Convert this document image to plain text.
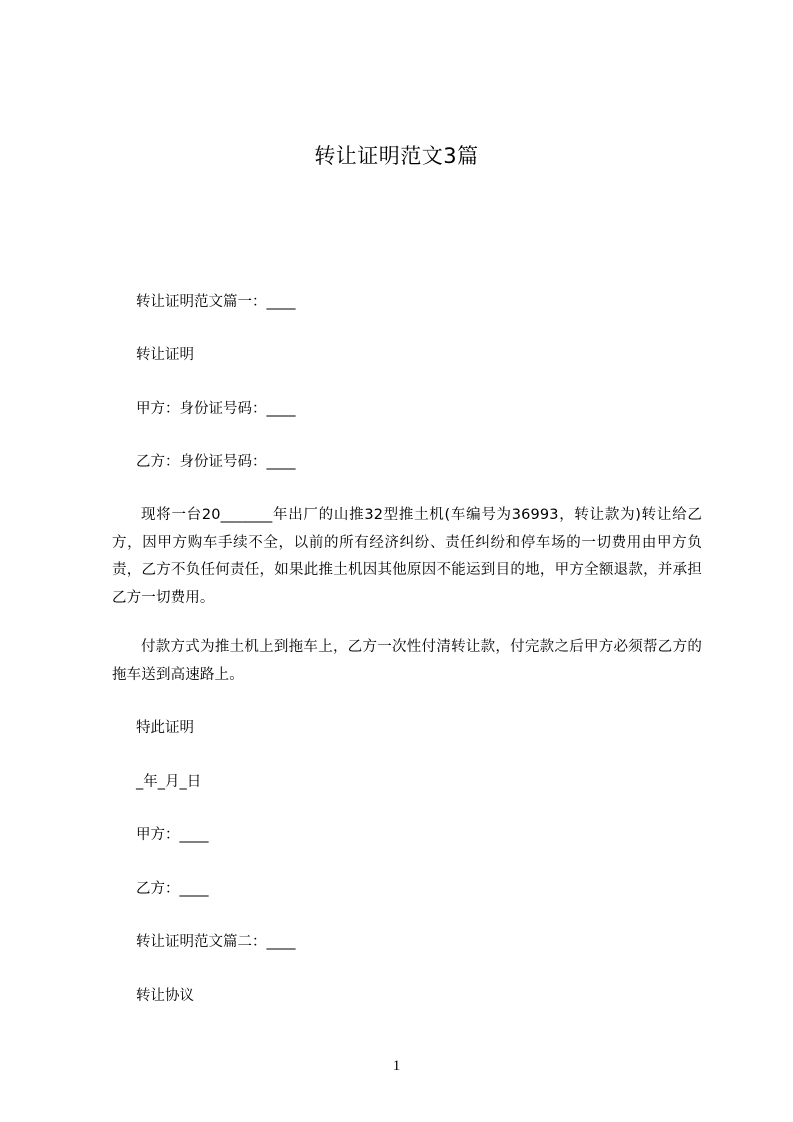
转让证明范文3篇
转让证明范文篇一：____
转让证明
甲方：身份证号码：____
乙方：身份证号码：____
现将一台20_______年出厂的山推32型推土机(车编号为36993，转让款为)转让给乙方，因甲方购车手续不全，以前的所有经济纠纷、责任纠纷和停车场的一切费用由甲方负责，乙方不负任何责任，如果此推土机因其他原因不能运到目的地，甲方全额退款，并承担乙方一切费用。
付款方式为推土机上到拖车上，乙方一次性付清转让款，付完款之后甲方必须帮乙方的拖车送到高速路上。
特此证明
_年_月_日
甲方：____
乙方：____
转让证明范文篇二：____
转让协议
1
